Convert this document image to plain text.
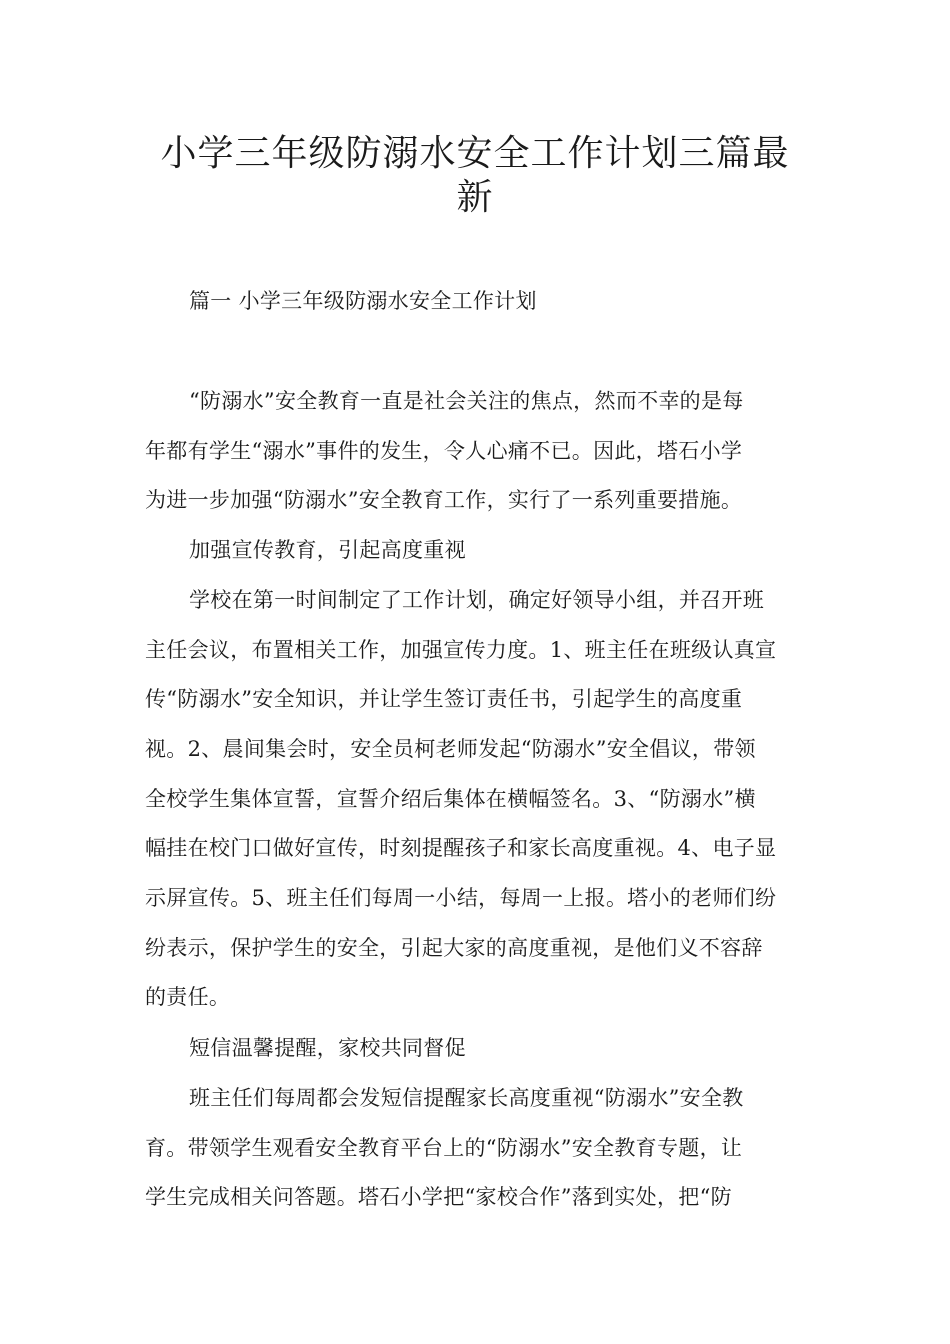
小学三年级防溺水安全工作计划三篇最
新
篇一 小学三年级防溺水安全工作计划
“防溺水”安全教育一直是社会关注的焦点，然而不幸的是每
年都有学生“溺水”事件的发生，令人心痛不已。因此，塔石小学
为进一步加强“防溺水”安全教育工作，实行了一系列重要措施。
加强宣传教育，引起高度重视
学校在第一时间制定了工作计划，确定好领导小组，并召开班
主任会议，布置相关工作，加强宣传力度。1、班主任在班级认真宣
传“防溺水”安全知识，并让学生签订责任书，引起学生的高度重
视。2、晨间集会时，安全员柯老师发起“防溺水”安全倡议，带领
全校学生集体宣誓，宣誓介绍后集体在横幅签名。3、“防溺水”横
幅挂在校门口做好宣传，时刻提醒孩子和家长高度重视。4、电子显
示屏宣传。5、班主任们每周一小结，每周一上报。塔小的老师们纷
纷表示，保护学生的安全，引起大家的高度重视，是他们义不容辞
的责任。
短信温馨提醒，家校共同督促
班主任们每周都会发短信提醒家长高度重视“防溺水”安全教
育。带领学生观看安全教育平台上的“防溺水”安全教育专题，让
学生完成相关问答题。塔石小学把“家校合作”落到实处，把“防
